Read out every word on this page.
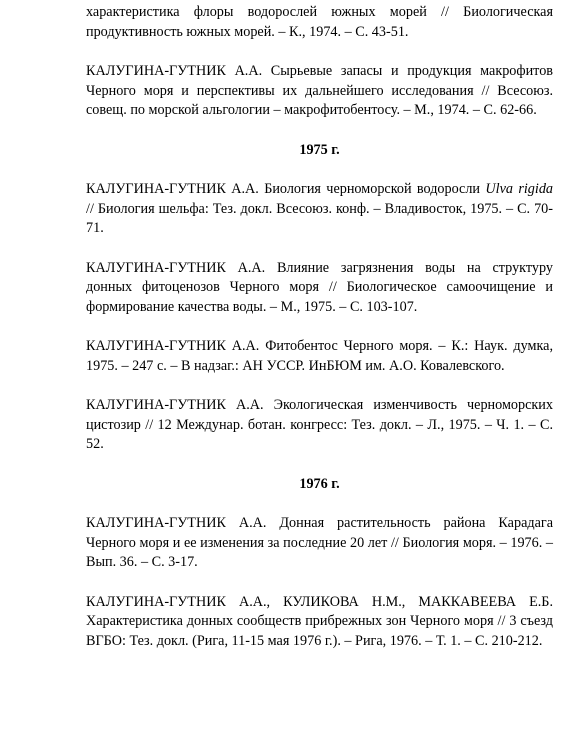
характеристика флоры водорослей южных морей // Биологическая продуктивность южных морей. – К., 1974. – С. 43-51.

КАЛУГИНА-ГУТНИК А.А. Сырьевые запасы и продукция макрофитов Черного моря и перспективы их дальнейшего исследования // Всесоюз. совещ. по морской альгологии – макрофитобентосу. – М., 1974. – С. 62-66.

1975 г.

КАЛУГИНА-ГУТНИК А.А. Биология черноморской водоросли Ulva rigida // Биология шельфа: Тез. докл. Всесоюз. конф. – Владивосток, 1975. – С. 70-71.

КАЛУГИНА-ГУТНИК А.А. Влияние загрязнения воды на структуру донных фитоценозов Черного моря // Биологическое самоочищение и формирование качества воды. – М., 1975. – С. 103-107.

КАЛУГИНА-ГУТНИК А.А. Фитобентос Черного моря. – К.: Наук. думка, 1975. – 247 с. – В надзаг.: АН УССР. ИнБЮМ им. А.О. Ковалевского.

КАЛУГИНА-ГУТНИК А.А. Экологическая изменчивость черноморских цистозир // 12 Междунар. ботан. конгресс: Тез. докл. – Л., 1975. – Ч. 1. – С. 52.

1976 г.

КАЛУГИНА-ГУТНИК А.А. Донная растительность района Карадага Черного моря и ее изменения за последние 20 лет // Биология моря. – 1976. – Вып. 36. – С. 3-17.

КАЛУГИНА-ГУТНИК А.А., КУЛИКОВА Н.М., МАККАВЕЕВА Е.Б. Характеристика донных сообществ прибрежных зон Черного моря // 3 съезд ВГБО: Тез. докл. (Рига, 11-15 мая 1976 г.). – Рига, 1976. – Т. 1. – С. 210-212.
